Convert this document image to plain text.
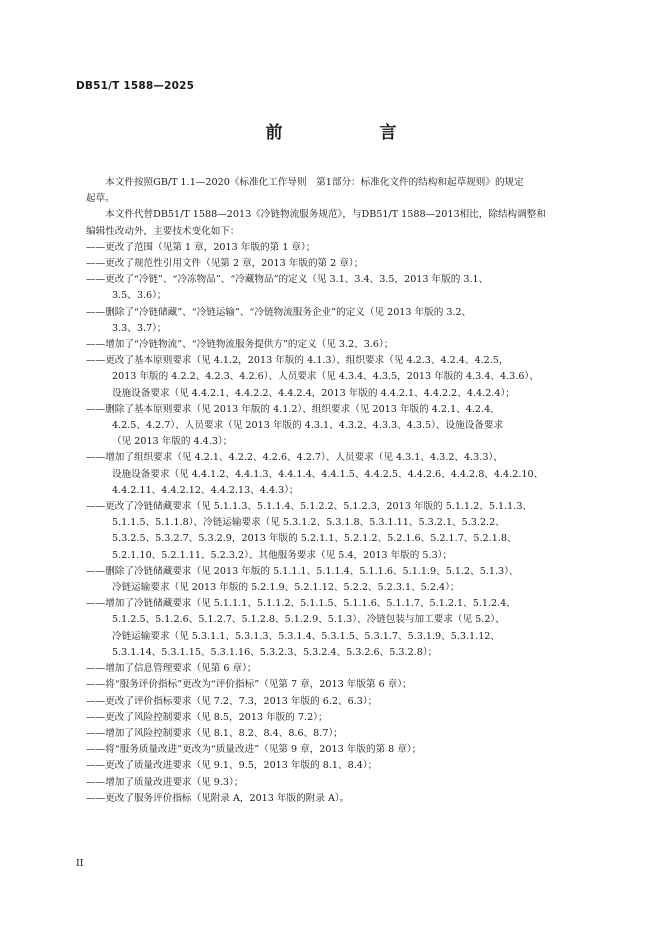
DB51/T 1588—2025
前　言

　　本文件按照GB/T 1.1—2020《标准化工作导则　第1部分：标准化文件的结构和起草规则》的规定

起草。

　　本文件代替DB51/T 1588—2013《冷链物流服务规范》，与DB51/T 1588—2013相比，除结构调整和

编辑性改动外，主要技术变化如下：

——更改了范围（见第 1 章，2013 年版的第 1 章）；
——更改了规范性引用文件（见第 2 章，2013 年版的第 2 章）；
——更改了“冷链”、“冷冻物品”、“冷藏物品”的定义（见 3.1、3.4、3.5，2013 年版的 3.1、
3.5、3.6）；
——删除了“冷链储藏”、“冷链运输”、“冷链物流服务企业”的定义（见 2013 年版的 3.2、
3.3、3.7）；
——增加了“冷链物流”、“冷链物流服务提供方”的定义（见 3.2、3.6）；
——更改了基本原则要求（见 4.1.2，2013 年版的 4.1.3）、组织要求（见 4.2.3、4.2.4、4.2.5，
2013 年版的 4.2.2、4.2.3、4.2.6）、人员要求（见 4.3.4、4.3.5，2013 年版的 4.3.4、4.3.6）、
设施设备要求（见 4.4.2.1、4.4.2.2、4.4.2.4，2013 年版的 4.4.2.1、4.4.2.2、4.4.2.4）；
——删除了基本原则要求（见 2013 年版的 4.1.2）、组织要求（见 2013 年版的 4.2.1、4.2.4、
4.2.5、4.2.7）、人员要求（见 2013 年版的 4.3.1、4.3.2、4.3.3、4.3.5）、设施设备要求
（见 2013 年版的 4.4.3）；
——增加了组织要求（见 4.2.1、4.2.2、4.2.6、4.2.7）、人员要求（见 4.3.1、4.3.2、4.3.3）、
设施设备要求（见 4.4.1.2、4.4.1.3、4.4.1.4、4.4.1.5、4.4.2.5、4.4.2.6、4.4.2.8、4.4.2.10、
4.4.2.11、4.4.2.12、4.4.2.13、4.4.3）；
——更改了冷链储藏要求（见 5.1.1.3、5.1.1.4、5.1.2.2、5.1.2.3，2013 年版的 5.1.1.2、5.1.1.3、
5.1.1.5、5.1.1.8）、冷链运输要求（见 5.3.1.2、5.3.1.8、5.3.1.11、5.3.2.1、5.3.2.2、
5.3.2.5、5.3.2.7、5.3.2.9，2013 年版的 5.2.1.1、5.2.1.2、5.2.1.6、5.2.1.7、5.2.1.8、
5.2.1.10、5.2.1.11、5.2.3.2）、其他服务要求（见 5.4，2013 年版的 5.3）；
——删除了冷链储藏要求（见 2013 年版的 5.1.1.1、5.1.1.4、5.1.1.6、5.1.1.9、5.1.2、5.1.3）、
冷链运输要求（见 2013 年版的 5.2.1.9、5.2.1.12、5.2.2、5.2.3.1、5.2.4）；
——增加了冷链储藏要求（见 5.1.1.1、5.1.1.2、5.1.1.5、5.1.1.6、5.1.1.7、5.1.2.1、5.1.2.4、
5.1.2.5、5.1.2.6、5.1.2.7、5.1.2.8、5.1.2.9、5.1.3）、冷链包装与加工要求（见 5.2）、
冷链运输要求（见 5.3.1.1、5.3.1.3、5.3.1.4、5.3.1.5、5.3.1.7、5.3.1.9、5.3.1.12、
5.3.1.14、5.3.1.15、5.3.1.16、5.3.2.3、5.3.2.4、5.3.2.6、5.3.2.8）；
——增加了信息管理要求（见第 6 章）；
——将“服务评价指标”更改为“评价指标”（见第 7 章，2013 年版第 6 章）；
——更改了评价指标要求（见 7.2、7.3，2013 年版的 6.2、6.3）；
——更改了风险控制要求（见 8.5，2013 年版的 7.2）；
——增加了风险控制要求（见 8.1、8.2、8.4、8.6、8.7）；
——将“服务质量改进”更改为“质量改进”（见第 9 章，2013 年版的第 8 章）；
——更改了质量改进要求（见 9.1、9.5，2013 年版的 8.1、8.4）；
——增加了质量改进要求（见 9.3）；
——更改了服务评价指标（见附录 A，2013 年版的附录 A）。
II
